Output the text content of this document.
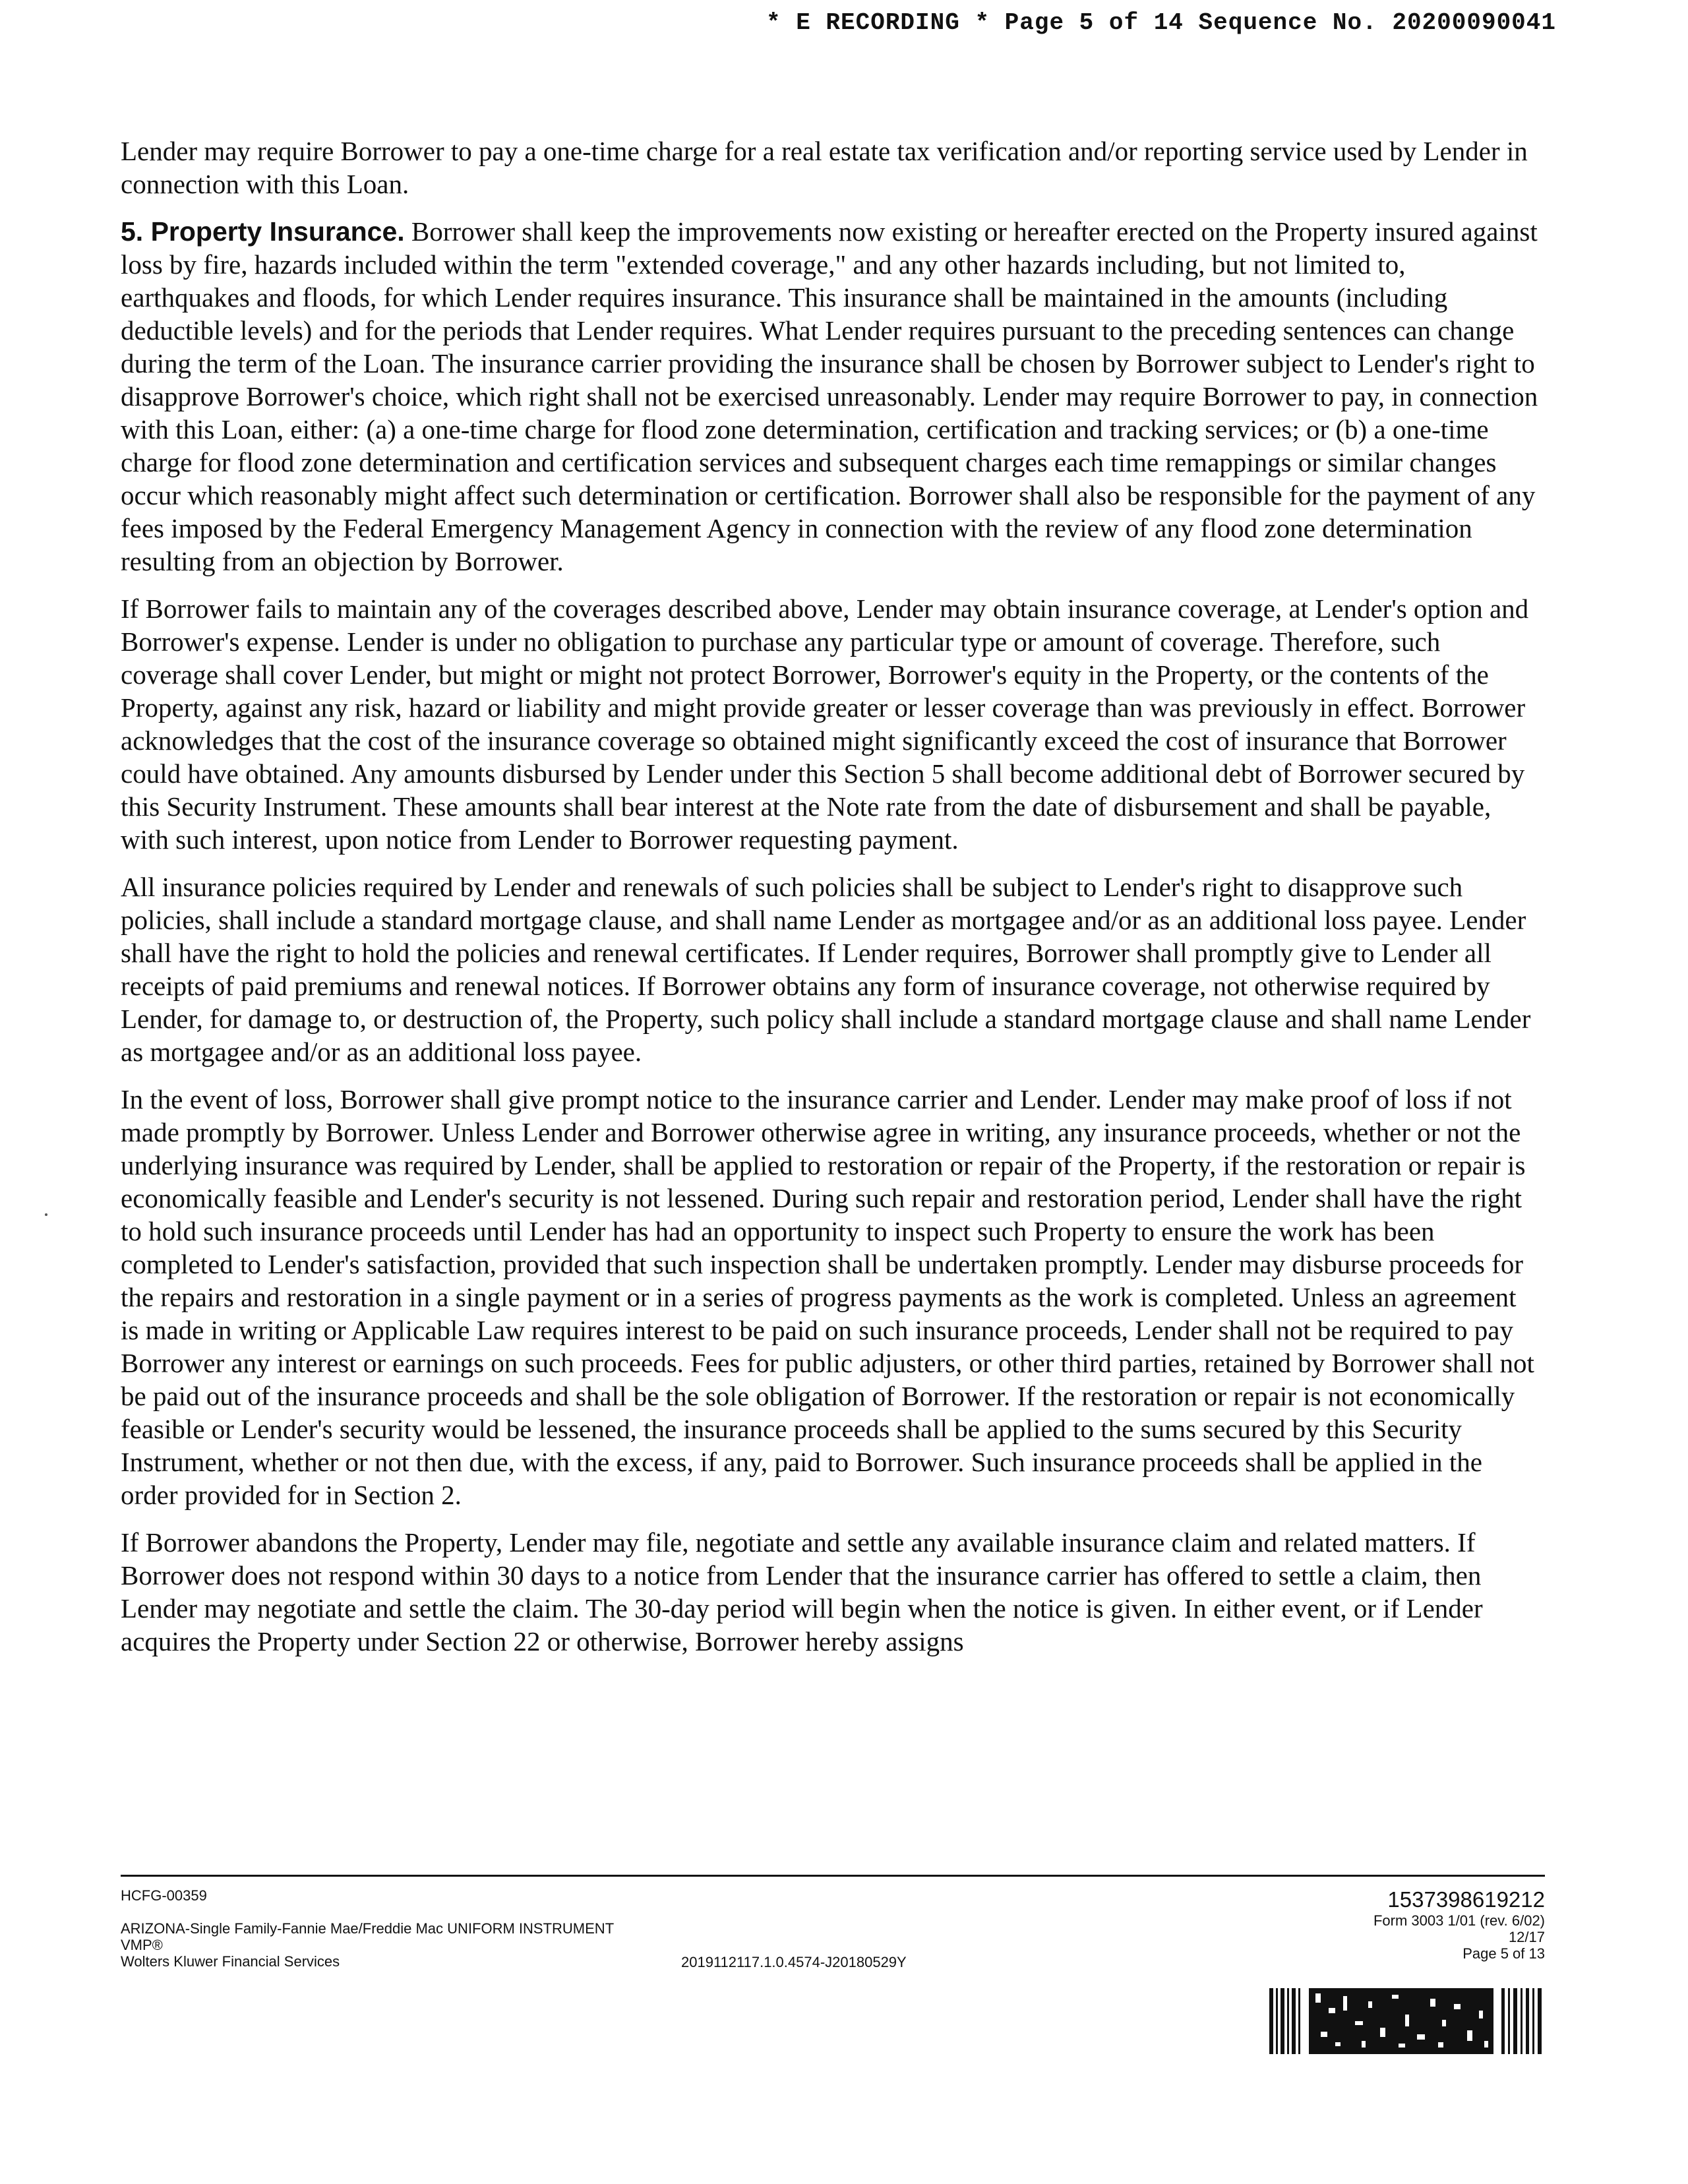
* E RECORDING * Page 5 of 14 Sequence No. 20200090041

Lender may require Borrower to pay a one-time charge for a real estate tax verification and/or reporting service used by Lender in connection with this Loan.

5. Property Insurance. Borrower shall keep the improvements now existing or hereafter erected on the Property insured against loss by fire, hazards included within the term "extended coverage," and any other hazards including, but not limited to, earthquakes and floods, for which Lender requires insurance. This insurance shall be maintained in the amounts (including deductible levels) and for the periods that Lender requires. What Lender requires pursuant to the preceding sentences can change during the term of the Loan. The insurance carrier providing the insurance shall be chosen by Borrower subject to Lender's right to disapprove Borrower's choice, which right shall not be exercised unreasonably. Lender may require Borrower to pay, in connection with this Loan, either: (a) a one-time charge for flood zone determination, certification and tracking services; or (b) a one-time charge for flood zone determination and certification services and subsequent charges each time remappings or similar changes occur which reasonably might affect such determination or certification. Borrower shall also be responsible for the payment of any fees imposed by the Federal Emergency Management Agency in connection with the review of any flood zone determination resulting from an objection by Borrower.

If Borrower fails to maintain any of the coverages described above, Lender may obtain insurance coverage, at Lender's option and Borrower's expense. Lender is under no obligation to purchase any particular type or amount of coverage. Therefore, such coverage shall cover Lender, but might or might not protect Borrower, Borrower's equity in the Property, or the contents of the Property, against any risk, hazard or liability and might provide greater or lesser coverage than was previously in effect. Borrower acknowledges that the cost of the insurance coverage so obtained might significantly exceed the cost of insurance that Borrower could have obtained. Any amounts disbursed by Lender under this Section 5 shall become additional debt of Borrower secured by this Security Instrument. These amounts shall bear interest at the Note rate from the date of disbursement and shall be payable, with such interest, upon notice from Lender to Borrower requesting payment.

All insurance policies required by Lender and renewals of such policies shall be subject to Lender's right to disapprove such policies, shall include a standard mortgage clause, and shall name Lender as mortgagee and/or as an additional loss payee. Lender shall have the right to hold the policies and renewal certificates. If Lender requires, Borrower shall promptly give to Lender all receipts of paid premiums and renewal notices. If Borrower obtains any form of insurance coverage, not otherwise required by Lender, for damage to, or destruction of, the Property, such policy shall include a standard mortgage clause and shall name Lender as mortgagee and/or as an additional loss payee.

In the event of loss, Borrower shall give prompt notice to the insurance carrier and Lender. Lender may make proof of loss if not made promptly by Borrower. Unless Lender and Borrower otherwise agree in writing, any insurance proceeds, whether or not the underlying insurance was required by Lender, shall be applied to restoration or repair of the Property, if the restoration or repair is economically feasible and Lender's security is not lessened. During such repair and restoration period, Lender shall have the right to hold such insurance proceeds until Lender has had an opportunity to inspect such Property to ensure the work has been completed to Lender's satisfaction, provided that such inspection shall be undertaken promptly. Lender may disburse proceeds for the repairs and restoration in a single payment or in a series of progress payments as the work is completed. Unless an agreement is made in writing or Applicable Law requires interest to be paid on such insurance proceeds, Lender shall not be required to pay Borrower any interest or earnings on such proceeds. Fees for public adjusters, or other third parties, retained by Borrower shall not be paid out of the insurance proceeds and shall be the sole obligation of Borrower. If the restoration or repair is not economically feasible or Lender's security would be lessened, the insurance proceeds shall be applied to the sums secured by this Security Instrument, whether or not then due, with the excess, if any, paid to Borrower. Such insurance proceeds shall be applied in the order provided for in Section 2.

If Borrower abandons the Property, Lender may file, negotiate and settle any available insurance claim and related matters. If Borrower does not respond within 30 days to a notice from Lender that the insurance carrier has offered to settle a claim, then Lender may negotiate and settle the claim. The 30-day period will begin when the notice is given. In either event, or if Lender acquires the Property under Section 22 or otherwise, Borrower hereby assigns

HCFG-00359
ARIZONA-Single Family-Fannie Mae/Freddie Mac UNIFORM INSTRUMENT
VMP®
Wolters Kluwer Financial Services	2019112117.1.0.4574-J20180529Y
1537398619212
Form 3003 1/01 (rev. 6/02)
12/17
Page 5 of 13
